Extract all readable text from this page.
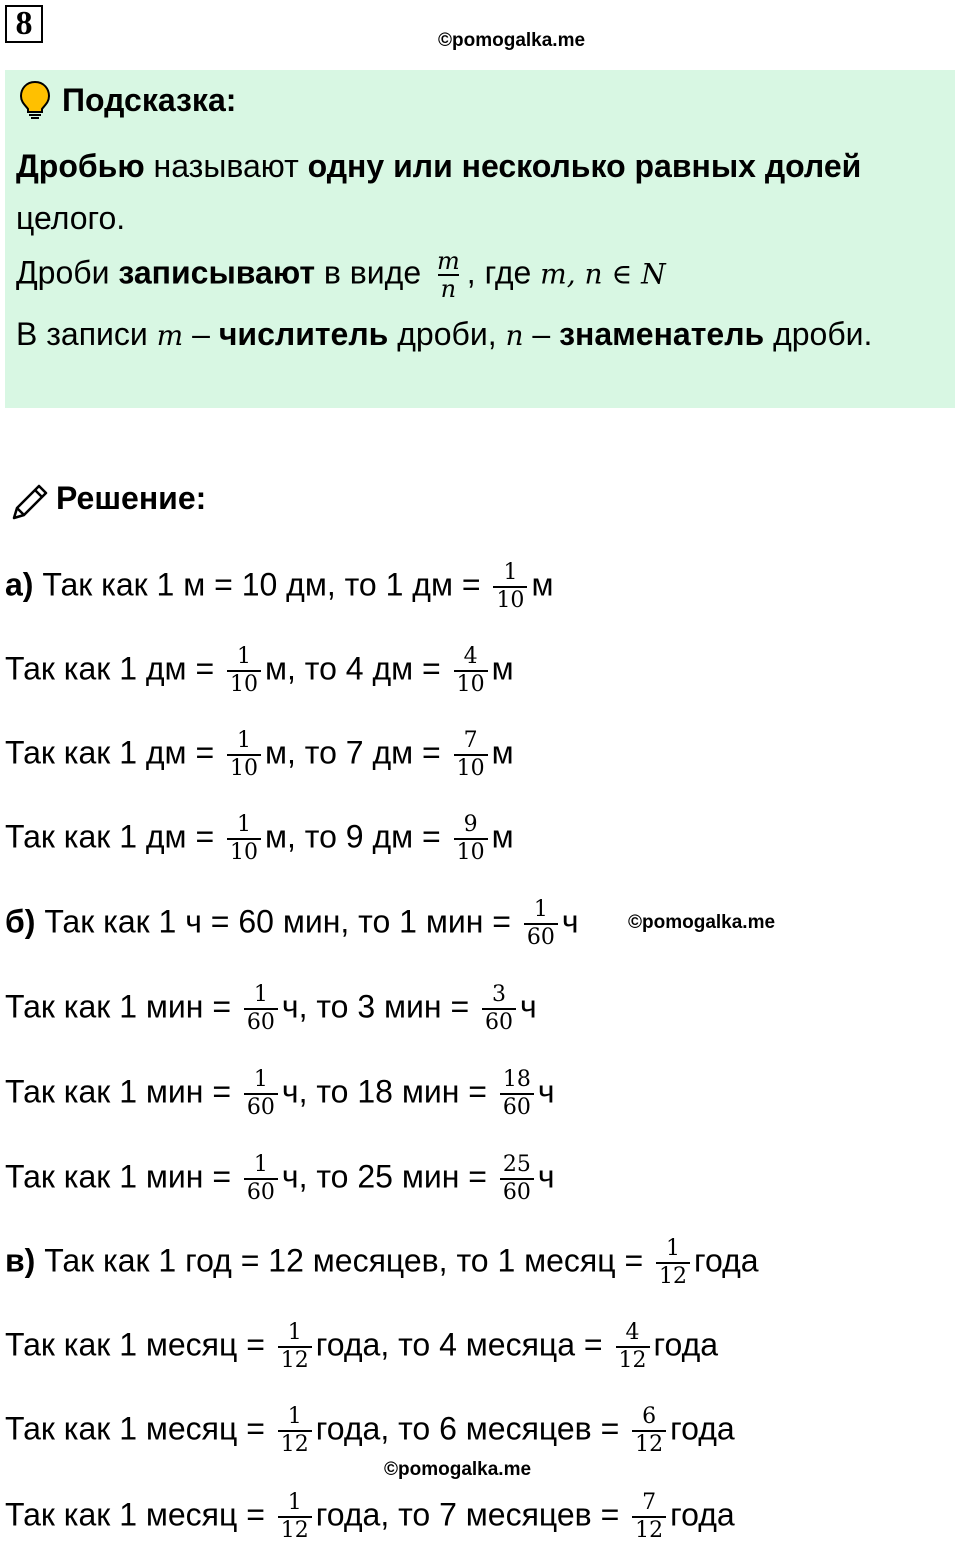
8	©pomogalka.me
Подсказка:
Дробью называют одну или несколько равных долей
целого.
Дроби записывают в виде $\frac{m}{n}$ , где m, n ∈ N
В записи m – числитель дроби, n – знаменатель дроби.
Решение:
а) Так как 1 м = 10 дм, то 1 дм = $\frac{1}{10}$ м
Так как 1 дм = $\frac{1}{10} м$, то 4 дм = $\frac{4}{10}$ м
Так как 1 дм = $\frac{1}{10} м$, то 7 дм = $\frac{7}{10}$ м
Так как 1 дм = $\frac{1}{10} м$, то 9 дм = $\frac{9}{10}$ м
б) Так как 1 ч = 60 мин, то 1 мин = $\frac{1}{60}$ ч	©pomogalka.me
Так как 1 мин = $\frac{1}{60} ч$, то 3 мин = $\frac{3}{60}$ ч
Так как 1 мин = $\frac{1}{60} ч$, то 18 мин = $\frac{18}{60}$ ч
Так как 1 мин = $\frac{1}{60} ч$, то 25 мин = $\frac{25}{60}$ ч
в) Так как 1 год = 12 месяцев, то 1 месяц = $\frac{1}{12}$ года
Так как 1 месяц = $\frac{1}{12}$ года, то 4 месяца = $\frac{4}{12}$ года
Так как 1 месяц = $\frac{1}{12}$ года, то 6 месяцев = $\frac{6}{12}$ года
©pomogalka.me
Так как 1 месяц = $\frac{1}{12}$ года, то 7 месяцев = $\frac{7}{12}$ года
